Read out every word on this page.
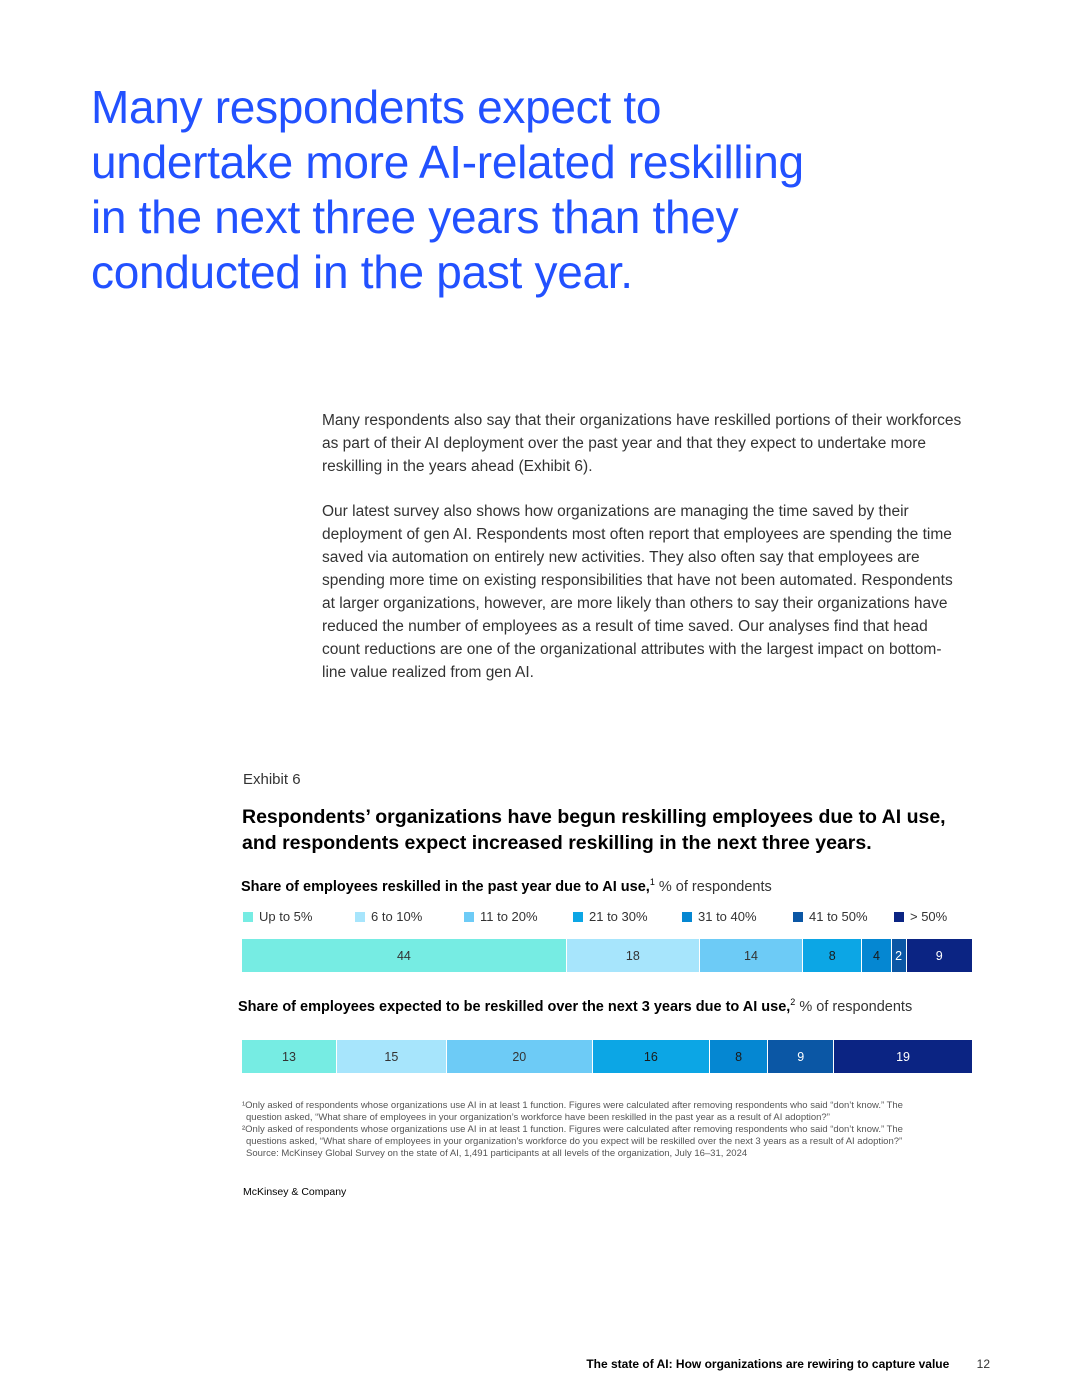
Many respondents expect to
undertake more AI-related reskilling
in the next three years than they
conducted in the past year.

Many respondents also say that their organizations have reskilled portions of their workforces as part of their AI deployment over the past year and that they expect to undertake more reskilling in the years ahead (Exhibit 6).

Our latest survey also shows how organizations are managing the time saved by their deployment of gen AI. Respondents most often report that employees are spending the time saved via automation on entirely new activities. They also often say that employees are spending more time on existing responsibilities that have not been automated. Respondents at larger organizations, however, are more likely than others to say their organizations have reduced the number of employees as a result of time saved. Our analyses find that head count reductions are one of the organizational attributes with the largest impact on bottom-line value realized from gen AI.

Exhibit 6
Respondents’ organizations have begun reskilling employees due to AI use, and respondents expect increased reskilling in the next three years.
Share of employees reskilled in the past year due to AI use,$^1$ % of respondents
Up to 5%	6 to 10%	11 to 20%	21 to 30%	31 to 40%	41 to 50%	> 50%
44	18	14	8	4 2	9
Share of employees expected to be reskilled over the next 3 years due to AI use,$^2$ % of respondents
13	15	20	16	8	9	19
¹Only asked of respondents whose organizations use AI in at least 1 function. Figures were calculated after removing respondents who said “don’t know.” The
question asked, “What share of employees in your organization’s workforce have been reskilled in the past year as a result of AI adoption?”
²Only asked of respondents whose organizations use AI in at least 1 function. Figures were calculated after removing respondents who said “don’t know.” The
questions asked, “What share of employees in your organization’s workforce do you expect will be reskilled over the next 3 years as a result of AI adoption?”
Source: McKinsey Global Survey on the state of AI, 1,491 participants at all levels of the organization, July 16–31, 2024
McKinsey & Company
The state of AI: How organizations are rewiring to capture value 12
